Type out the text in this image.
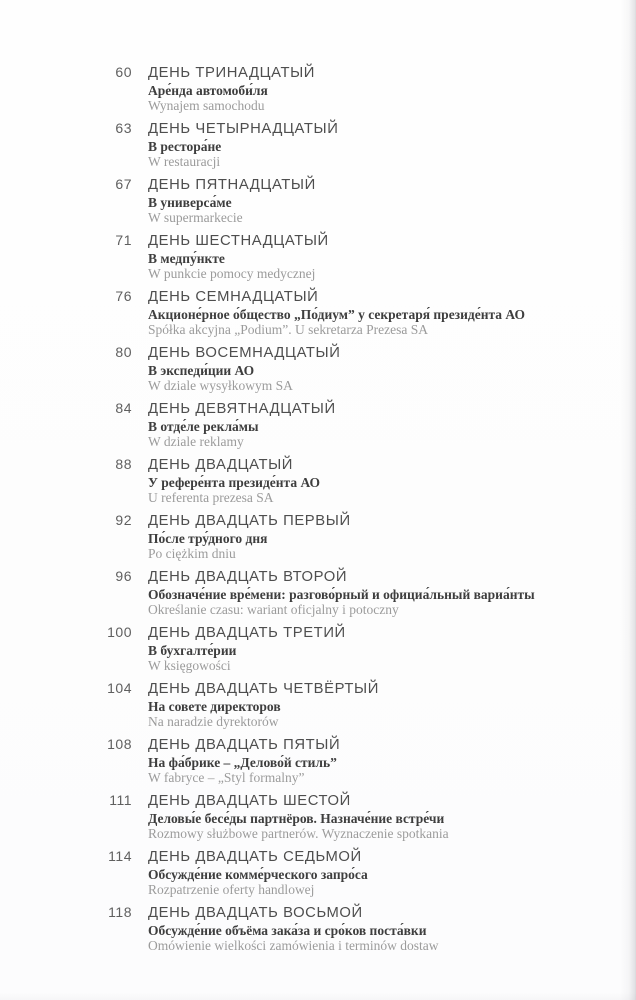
60 ДЕНЬ ТРИНАДЦАТЫЙ
Аре́нда автомоби́ля
Wynajem samochodu
63 ДЕНЬ ЧЕТЫРНАДЦАТЫЙ
В рестора́не
W restauracji
67 ДЕНЬ ПЯТНАДЦАТЫЙ
В универса́ме
W supermarkecie
71 ДЕНЬ ШЕСТНАДЦАТЫЙ
В медпу́нкте
W punkcie pomocy medycznej
76 ДЕНЬ СЕМНАДЦАТЫЙ
Акционе́рное о́бщество „По́диум” у секретаря́ президе́нта АО
Spółka akcyjna „Podium”. U sekretarza Prezesa SA
80 ДЕНЬ ВОСЕМНАДЦАТЫЙ
В экспеди́ции АО
W dziale wysyłkowym SA
84 ДЕНЬ ДЕВЯТНАДЦАТЫЙ
В отде́ле рекла́мы
W dziale reklamy
88 ДЕНЬ ДВАДЦАТЫЙ
У рефере́нта президе́нта АО
U referenta prezesa SA
92 ДЕНЬ ДВАДЦАТЬ ПЕРВЫЙ
По́сле тру́дного дня
Po ciężkim dniu
96 ДЕНЬ ДВАДЦАТЬ ВТОРОЙ
Обозначе́ние вре́мени: разгово́рный и официа́льный вариа́нты
Określanie czasu: wariant oficjalny i potoczny
100 ДЕНЬ ДВАДЦАТЬ ТРЕТИЙ
В бухгалте́рии
W księgowości
104 ДЕНЬ ДВАДЦАТЬ ЧЕТВЁРТЫЙ
На совете директоров
Na naradzie dyrektorów
108 ДЕНЬ ДВАДЦАТЬ ПЯТЫЙ
На фа́брике – „Делово́й стиль”
W fabryce – „Styl formalny”
111 ДЕНЬ ДВАДЦАТЬ ШЕСТОЙ
Деловы́е бесе́ды партнёров. Назначе́ние встре́чи
Rozmowy służbowe partnerów. Wyznaczenie spotkania
114 ДЕНЬ ДВАДЦАТЬ СЕДЬМОЙ
Обсужде́ние комме́рческого запро́са
Rozpatrzenie oferty handlowej
118 ДЕНЬ ДВАДЦАТЬ ВОСЬМОЙ
Обсужде́ние объёма зака́за и сро́ков поста́вки
Omówienie wielkości zamówienia i terminów dostaw
